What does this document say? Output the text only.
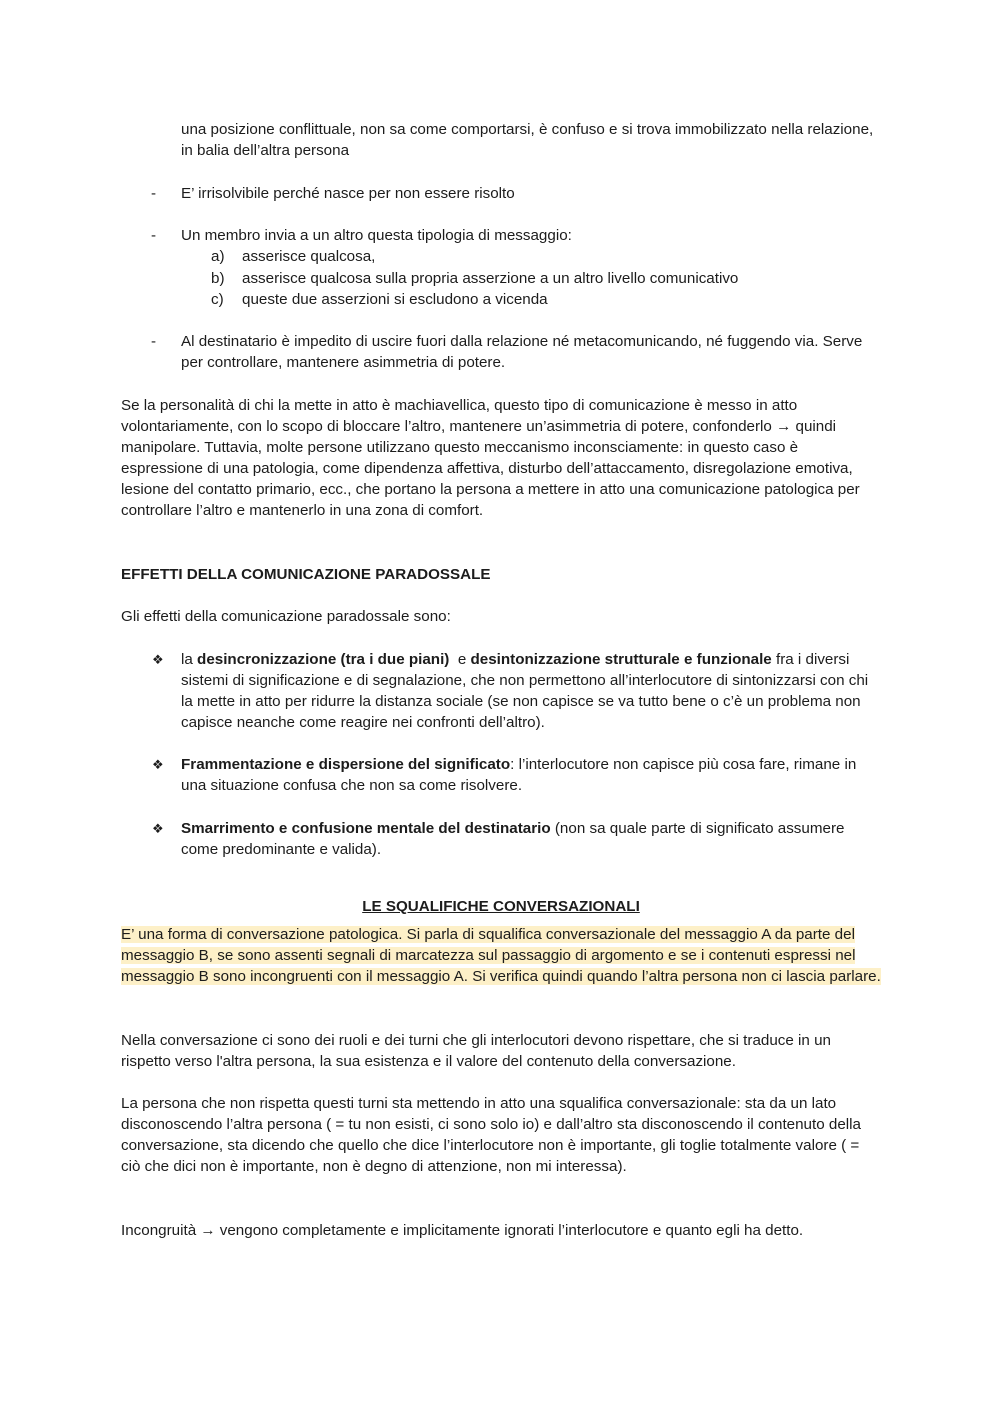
una posizione conflittuale, non sa come comportarsi, è confuso e si trova immobilizzato nella relazione, in balia dell’altra persona

-	E’ irrisolvibile perché nasce per non essere risolto

-	Un membro invia a un altro questa tipologia di messaggio:

a)	asserisce qualcosa,
b)	asserisce qualcosa sulla propria asserzione a un altro livello comunicativo
c)	queste due asserzioni si escludono a vicenda
-	Al destinatario è impedito di uscire fuori dalla relazione né metacomunicando, né fuggendo via. Serve per controllare, mantenere asimmetria di potere.

Se la personalità di chi la mette in atto è machiavellica, questo tipo di comunicazione è messo in atto volontariamente, con lo scopo di bloccare l’altro, mantenere un’asimmetria di potere, confonderlo → quindi manipolare. Tuttavia, molte persone utilizzano questo meccanismo inconsciamente: in questo caso è espressione di una patologia, come dipendenza affettiva, disturbo dell’attaccamento, disregolazione emotiva, lesione del contatto primario, ecc., che portano la persona a mettere in atto una comunicazione patologica per controllare l’altro e mantenerlo in una zona di comfort.

EFFETTI DELLA COMUNICAZIONE PARADOSSALE

Gli effetti della comunicazione paradossale sono:

❖ la desincronizzazione (tra i due piani)  e desintonizzazione strutturale e funzionale fra i diversi sistemi di significazione e di segnalazione, che non permettono all’interlocutore di sintonizzarsi con chi la mette in atto per ridurre la distanza sociale (se non capisce se va tutto bene o c’è un problema non capisce neanche come reagire nei confronti dell’altro).

❖ Frammentazione e dispersione del significato: l’interlocutore non capisce più cosa fare, rimane in una situazione confusa che non sa come risolvere.

❖ Smarrimento e confusione mentale del destinatario (non sa quale parte di significato assumere come predominante e valida).

LE SQUALIFICHE CONVERSAZIONALI

E’ una forma di conversazione patologica. Si parla di squalifica conversazionale del messaggio A da parte del messaggio B, se sono assenti segnali di marcatezza sul passaggio di argomento e se i contenuti espressi nel messaggio B sono incongruenti con il messaggio A. Si verifica quindi quando l’altra persona non ci lascia parlare.

Nella conversazione ci sono dei ruoli e dei turni che gli interlocutori devono rispettare, che si traduce in un rispetto verso l'altra persona, la sua esistenza e il valore del contenuto della conversazione.

La persona che non rispetta questi turni sta mettendo in atto una squalifica conversazionale: sta da un lato disconoscendo l’altra persona ( = tu non esisti, ci sono solo io) e dall’altro sta disconoscendo il contenuto della conversazione, sta dicendo che quello che dice l’interlocutore non è importante, gli toglie totalmente valore ( = ciò che dici non è importante, non è degno di attenzione, non mi interessa).

Incongruità → vengono completamente e implicitamente ignorati l’interlocutore e quanto egli ha detto.
